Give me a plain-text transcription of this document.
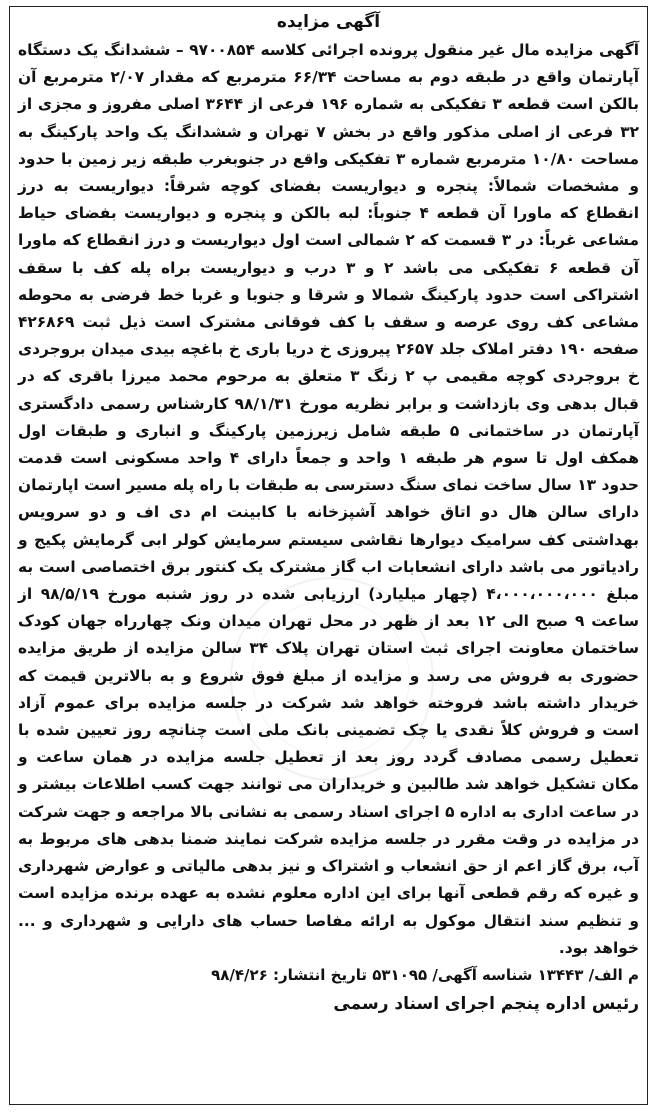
آگهی مزایده

آگهی مزایده مال غیر منقول پرونده اجرائی کلاسه ۹۷۰۰۸۵۴ – ششدانگ یک دستگاه آپارتمان واقع در طبقه دوم به مساحت ۶۶/۳۴ مترمربع که مقدار ۲/۰۷ مترمربع آن بالکن است قطعه ۳ تفکیکی به شماره ۱۹۶ فرعی از ۳۶۴۴ اصلی مفروز و مجزی از ۳۲ فرعی از اصلی مذکور واقع در بخش ۷ تهران و ششدانگ یک واحد پارکینگ به مساحت ۱۰/۸۰ مترمربع شماره ۳ تفکیکی واقع در جنوبغرب طبقه زیر زمین با حدود و مشخصات شمالاً: پنجره و دیواریست بفضای کوچه شرقاً: دیواریست به درز انقطاع که ماورا آن قطعه ۴ جنوباً: لبه بالکن و پنجره و دیواریست بفضای حیاط مشاعی غرباً: در ۳ قسمت که ۲ شمالی است اول دیواریست و درز انقطاع که ماورا آن قطعه ۶ تفکیکی می باشد ۲ و ۳ درب و دیواریست براه پله کف با سقف اشتراکی است حدود پارکینگ شمالا و شرقا و جنوبا و غربا خط فرضی به محوطه مشاعی کف روی عرصه و سقف با کف فوقانی مشترک است ذیل ثبت ۴۲۶۸۶۹ صفحه ۱۹۰ دفتر املاک جلد ۲۶۵۷ پیروزی خ دریا باری خ باغچه بیدی میدان بروجردی خ بروجردی کوچه مقیمی پ ۲ زنگ ۳ متعلق به مرحوم محمد میرزا باقری که در قبال بدهی وی بازداشت و برابر نظریه مورخ ۹۸/۱/۳۱ کارشناس رسمی دادگستری آپارتمان در ساختمانی ۵ طبقه شامل زیرزمین پارکینگ و انباری و طبقات اول همکف اول تا سوم هر طبقه ۱ واحد و جمعاً دارای ۴ واحد مسکونی است قدمت حدود ۱۳ سال ساخت نمای سنگ دسترسی به طبقات با راه پله مسیر است اپارتمان دارای سالن هال دو اتاق خواهد آشپزخانه با کابینت ام دی اف و دو سرویس بهداشتی کف سرامیک دیوارها نقاشی سیستم سرمایش کولر ابی گرمایش پکیج و رادیاتور می باشد دارای انشعابات اب گاز مشترک یک کنتور برق اختصاصی است به مبلغ ۴،۰۰۰،۰۰۰،۰۰۰ (چهار میلیارد) ارزیابی شده در روز شنبه مورخ ۹۸/۵/۱۹ از ساعت ۹ صبح الی ۱۲ بعد از ظهر در محل تهران میدان ونک چهارراه جهان کودک ساختمان معاونت اجرای ثبت استان تهران پلاک ۳۴ سالن مزایده از طریق مزایده حضوری به فروش می رسد و مزایده از مبلغ فوق شروع و به بالاترین قیمت که خریدار داشته باشد فروخته خواهد شد شرکت در جلسه مزایده برای عموم آزاد است و فروش کلاً نقدی یا چک تضمینی بانک ملی است چنانچه روز تعیین شده با تعطیل رسمی مصادف گردد روز بعد از تعطیل جلسه مزایده در همان ساعت و مکان تشکیل خواهد شد طالبین و خریداران می توانند جهت کسب اطلاعات بیشتر و در ساعت اداری به اداره ۵ اجرای اسناد رسمی به نشانی بالا مراجعه و جهت شرکت در مزایده در وقت مقرر در جلسه مزایده شرکت نمایند ضمنا بدهی های مربوط به آب، برق گاز اعم از حق انشعاب و اشتراک و نیز بدهی مالیاتی و عوارض شهرداری و غیره که رقم قطعی آنها برای این اداره معلوم نشده به عهده برنده مزایده است و تنظیم سند انتقال موکول به ارائه مفاصا حساب های دارایی و شهرداری و ... خواهد بود.

م الف/ ۱۳۴۴۳ شناسه آگهی/ ۵۳۱۰۹۵ تاریخ انتشار: ۹۸/۴/۲۶
رئیس اداره پنجم اجرای اسناد رسمی
